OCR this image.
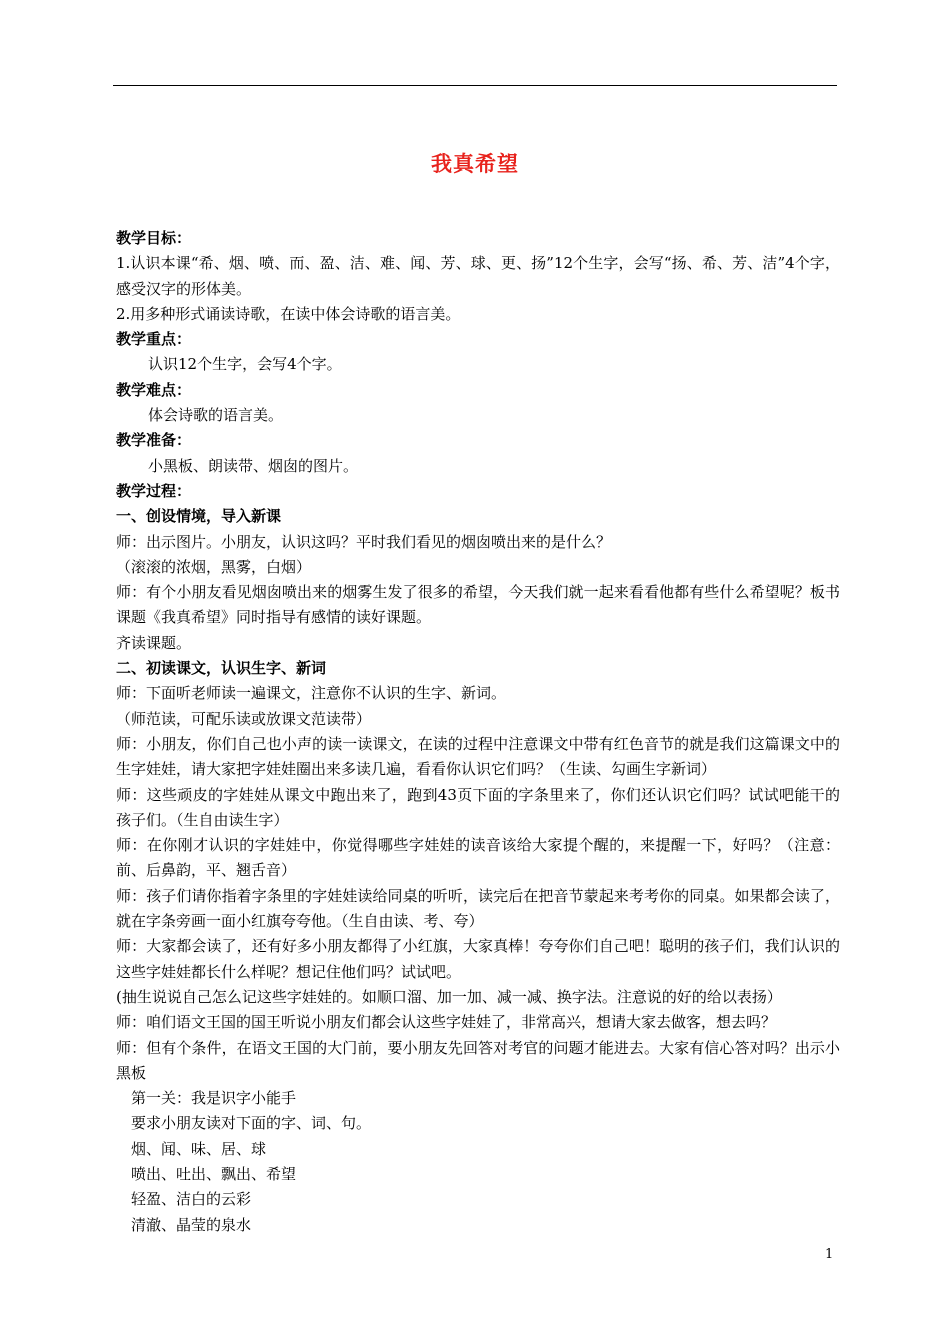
我真希望

教学目标：

1.认识本课“希、烟、喷、而、盈、洁、难、闻、芳、球、更、扬”12个生字，会写“扬、希、芳、洁”4个字，感受汉字的形体美。

2.用多种形式诵读诗歌，在读中体会诗歌的语言美。

教学重点：

认识12个生字，会写4个字。

教学难点：

体会诗歌的语言美。

教学准备：

小黑板、朗读带、烟囱的图片。

教学过程：

一、创设情境，导入新课

师：出示图片。小朋友，认识这吗？平时我们看见的烟囱喷出来的是什么？

（滚滚的浓烟，黑雾，白烟）

师：有个小朋友看见烟囱喷出来的烟雾生发了很多的希望，今天我们就一起来看看他都有些什么希望呢？板书课题《我真希望》同时指导有感情的读好课题。

齐读课题。

二、初读课文，认识生字、新词

师：下面听老师读一遍课文，注意你不认识的生字、新词。

（师范读，可配乐读或放课文范读带）

师：小朋友，你们自己也小声的读一读课文，在读的过程中注意课文中带有红色音节的就是我们这篇课文中的生字娃娃，请大家把字娃娃圈出来多读几遍，看看你认识它们吗？（生读、勾画生字新词）

师：这些顽皮的字娃娃从课文中跑出来了，跑到43页下面的字条里来了，你们还认识它们吗？试试吧能干的孩子们。（生自由读生字）

师：在你刚才认识的字娃娃中，你觉得哪些字娃娃的读音该给大家提个醒的，来提醒一下，好吗？（注意：前、后鼻韵，平、翘舌音）

师：孩子们请你指着字条里的字娃娃读给同桌的听听，读完后在把音节蒙起来考考你的同桌。如果都会读了，就在字条旁画一面小红旗夸夸他。（生自由读、考、夸）

师：大家都会读了，还有好多小朋友都得了小红旗，大家真棒！夸夸你们自己吧！聪明的孩子们，我们认识的这些字娃娃都长什么样呢？想记住他们吗？试试吧。

(抽生说说自己怎么记这些字娃娃的。如顺口溜、加一加、减一减、换字法。注意说的好的给以表扬）

师：咱们语文王国的国王听说小朋友们都会认这些字娃娃了，非常高兴，想请大家去做客，想去吗？

师：但有个条件，在语文王国的大门前，要小朋友先回答对考官的问题才能进去。大家有信心答对吗？出示小黑板

第一关：我是识字小能手

要求小朋友读对下面的字、词、句。

烟、闻、味、居、球

喷出、吐出、飘出、希望

轻盈、洁白的云彩

清澈、晶莹的泉水

1
